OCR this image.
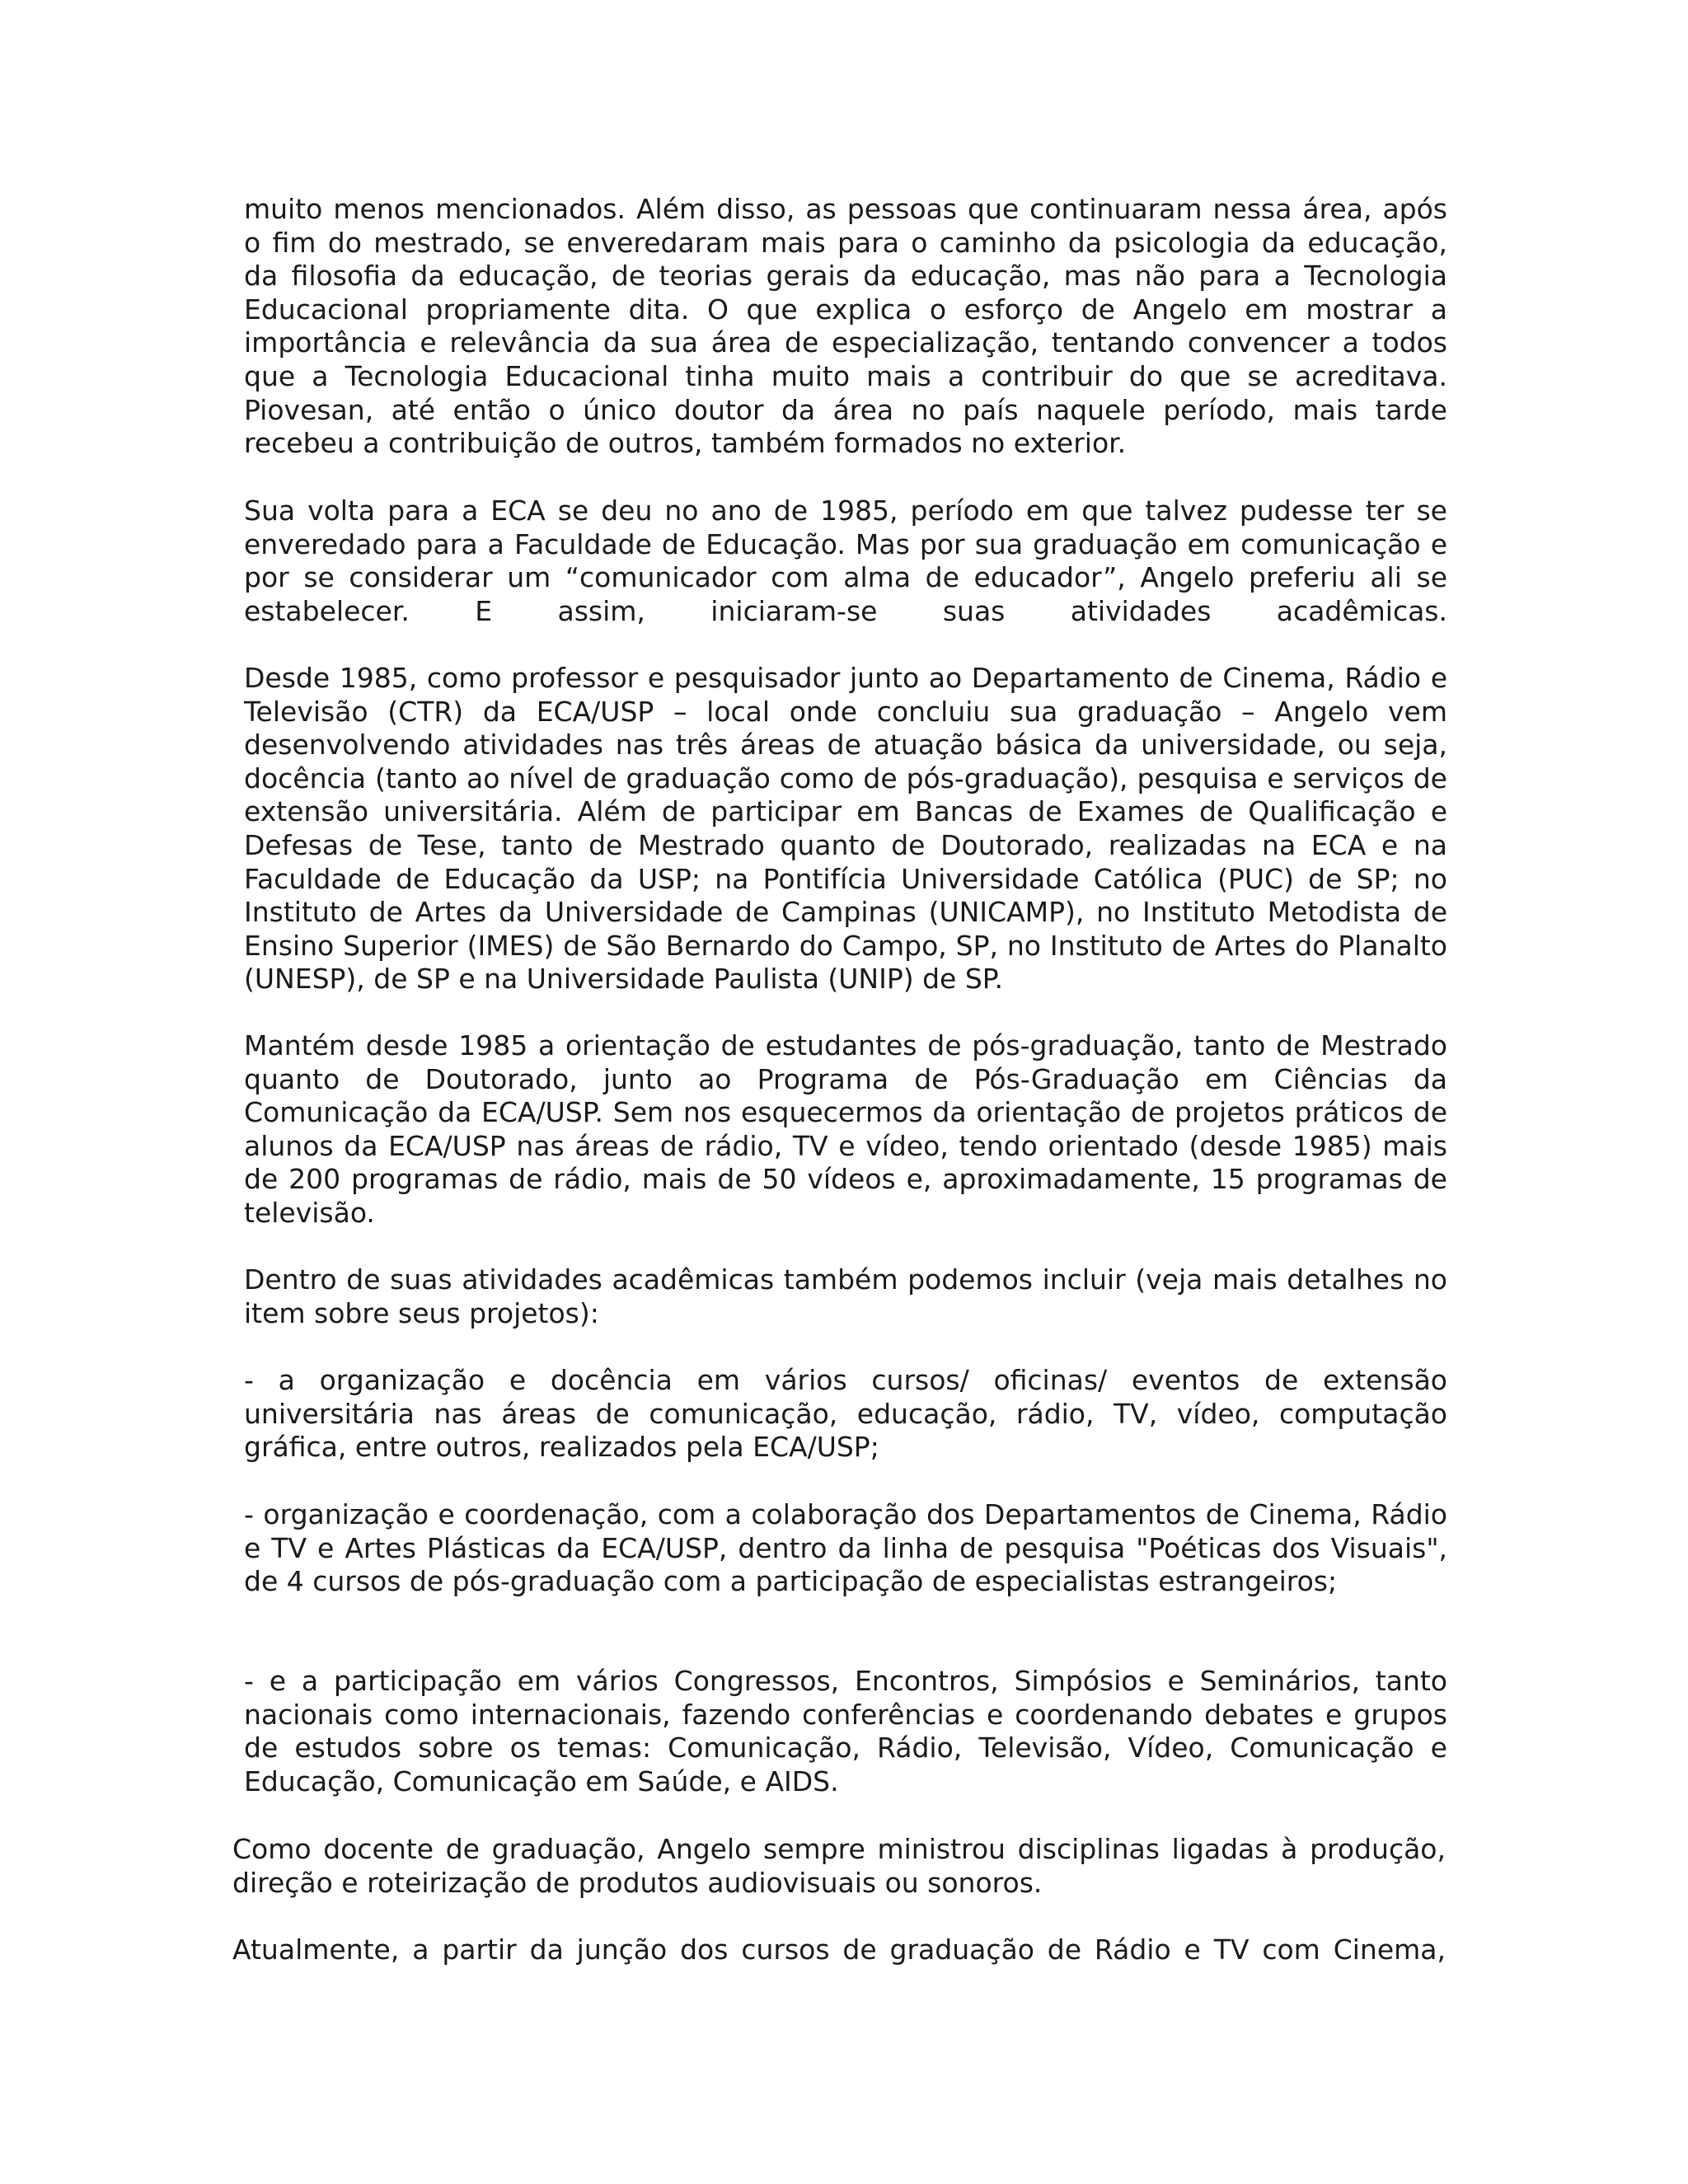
muito menos mencionados. Além disso, as pessoas que continuaram nessa área, após o fim do mestrado, se enveredaram mais para o caminho da psicologia da educação, da filosofia da educação, de teorias gerais da educação, mas não para a Tecnologia Educacional propriamente dita. O que explica o esforço de Angelo em mostrar a importância e relevância da sua área de especialização, tentando convencer a todos que a Tecnologia Educacional tinha muito mais a contribuir do que se acreditava. Piovesan, até então o único doutor da área no país naquele período, mais tarde recebeu a contribuição de outros, também formados no exterior.

Sua volta para a ECA se deu no ano de 1985, período em que talvez pudesse ter se enveredado para a Faculdade de Educação. Mas por sua graduação em comunicação e por se considerar um “comunicador com alma de educador”, Angelo preferiu ali se estabelecer. E assim, iniciaram-se suas atividades acadêmicas.

Desde 1985, como professor e pesquisador junto ao Departamento de Cinema, Rádio e Televisão (CTR) da ECA/USP – local onde concluiu sua graduação – Angelo vem desenvolvendo atividades nas três áreas de atuação básica da universidade, ou seja, docência (tanto ao nível de graduação como de pós-graduação), pesquisa e serviços de extensão universitária. Além de participar em Bancas de Exames de Qualificação e Defesas de Tese, tanto de Mestrado quanto de Doutorado, realizadas na ECA e na Faculdade de Educação da USP; na Pontifícia Universidade Católica (PUC) de SP; no Instituto de Artes da Universidade de Campinas (UNICAMP), no Instituto Metodista de Ensino Superior (IMES) de São Bernardo do Campo, SP, no Instituto de Artes do Planalto (UNESP), de SP e na Universidade Paulista (UNIP) de SP.

Mantém desde 1985 a orientação de estudantes de pós-graduação, tanto de Mestrado quanto de Doutorado, junto ao Programa de Pós-Graduação em Ciências da Comunicação da ECA/USP. Sem nos esquecermos da orientação de projetos práticos de alunos da ECA/USP nas áreas de rádio, TV e vídeo, tendo orientado (desde 1985) mais de 200 programas de rádio, mais de 50 vídeos e, aproximadamente, 15 programas de televisão.

Dentro de suas atividades acadêmicas também podemos incluir (veja mais detalhes no item sobre seus projetos):

- a organização e docência em vários cursos/ oficinas/ eventos de extensão universitária nas áreas de comunicação, educação, rádio, TV, vídeo, computação gráfica, entre outros, realizados pela ECA/USP;

- organização e coordenação, com a colaboração dos Departamentos de Cinema, Rádio e TV e Artes Plásticas da ECA/USP, dentro da linha de pesquisa "Poéticas dos Visuais", de 4 cursos de pós-graduação com a participação de especialistas estrangeiros;

- e a participação em vários Congressos, Encontros, Simpósios e Seminários, tanto nacionais como internacionais, fazendo conferências e coordenando debates e grupos de estudos sobre os temas: Comunicação, Rádio, Televisão, Vídeo, Comunicação e Educação, Comunicação em Saúde, e AIDS.

Como docente de graduação, Angelo sempre ministrou disciplinas ligadas à produção, direção e roteirização de produtos audiovisuais ou sonoros.

Atualmente, a partir da junção dos cursos de graduação de Rádio e TV com Cinema,
